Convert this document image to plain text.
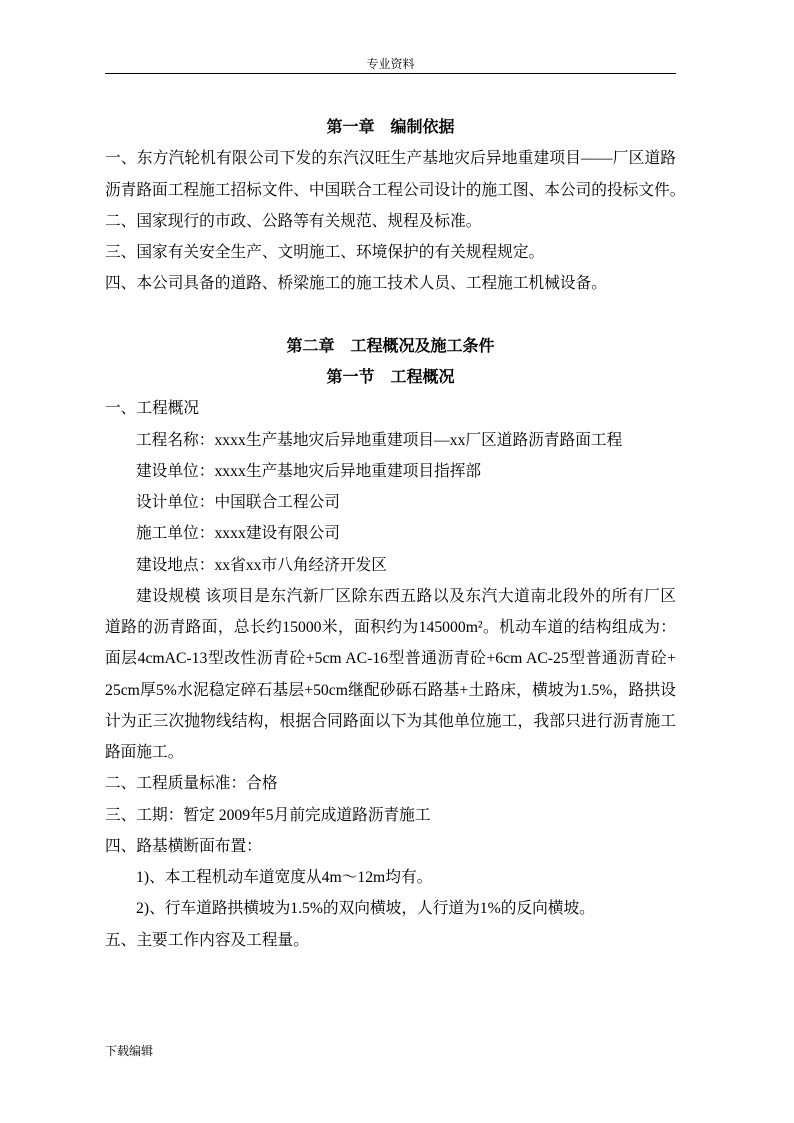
专业资料
第一章　编制依据
一、东方汽轮机有限公司下发的东汽汉旺生产基地灾后异地重建项目——厂区道路
沥青路面工程施工招标文件、中国联合工程公司设计的施工图、本公司的投标文件。
二、国家现行的市政、公路等有关规范、规程及标准。
三、国家有关安全生产、文明施工、环境保护的有关规程规定。
四、本公司具备的道路、桥梁施工的施工技术人员、工程施工机械设备。
第二章　工程概况及施工条件
第一节　工程概况
一、工程概况
工程名称：xxxx生产基地灾后异地重建项目—xx厂区道路沥青路面工程
建设单位：xxxx生产基地灾后异地重建项目指挥部
设计单位：中国联合工程公司
施工单位：xxxx建设有限公司
建设地点：xx省xx市八角经济开发区
建设规模 该项目是东汽新厂区除东西五路以及东汽大道南北段外的所有厂区
道路的沥青路面，总长约15000米，面积约为145000m²。机动车道的结构组成为：
面层4cmAC-13型改性沥青砼+5cm AC-16型普通沥青砼+6cm AC-25型普通沥青砼+
25cm厚5%水泥稳定碎石基层+50cm继配砂砾石路基+土路床，横坡为1.5%，路拱设
计为正三次抛物线结构，根据合同路面以下为其他单位施工，我部只进行沥青施工
路面施工。
二、工程质量标准：合格
三、工期：暂定 2009年5月前完成道路沥青施工
四、路基横断面布置：
1)、本工程机动车道宽度从4m～12m均有。
2)、行车道路拱横坡为1.5%的双向横坡，人行道为1%的反向横坡。
五、主要工作内容及工程量。
下载编辑
